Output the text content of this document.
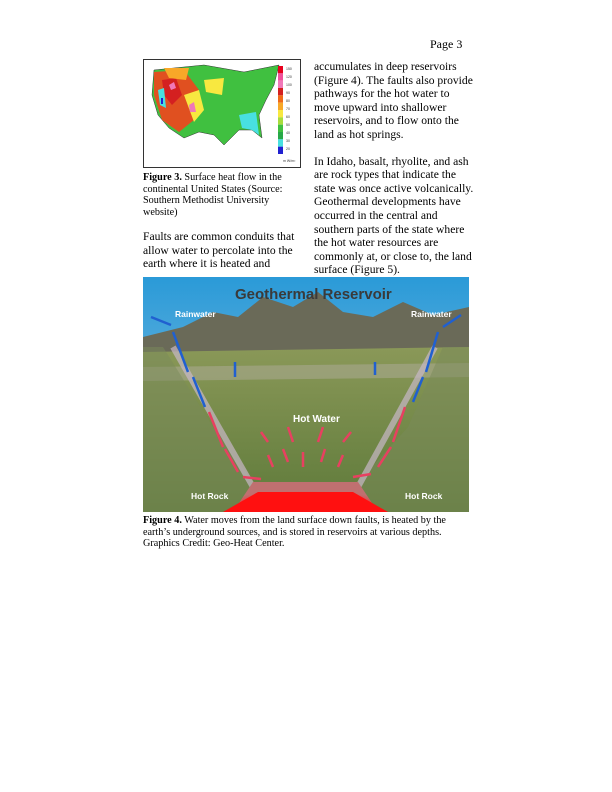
Page 3
150
120
100
90
80
70
60
50
40
30
20
m W/m²
Figure 3. Surface heat flow in the continental United States (Source: Southern Methodist University website)
Faults are common conduits that allow water to percolate into the earth where it is heated and
accumulates in deep reservoirs (Figure 4). The faults also provide pathways for the hot water to move upward into shallower reservoirs, and to flow onto the land as hot springs.
In Idaho, basalt, rhyolite, and ash are rock types that indicate the state was once active volcanically. Geothermal developments have occurred in the central and southern parts of the state where the hot water resources are commonly at, or close to, the land surface (Figure 5).
Geothermal Reservoir
Rainwater	Rainwater
Hot Water
Hot Rock	Hot Rock
Figure 4. Water moves from the land surface down faults, is heated by the earth’s underground sources, and is stored in reservoirs at various depths. Graphics Credit: Geo-Heat Center.
